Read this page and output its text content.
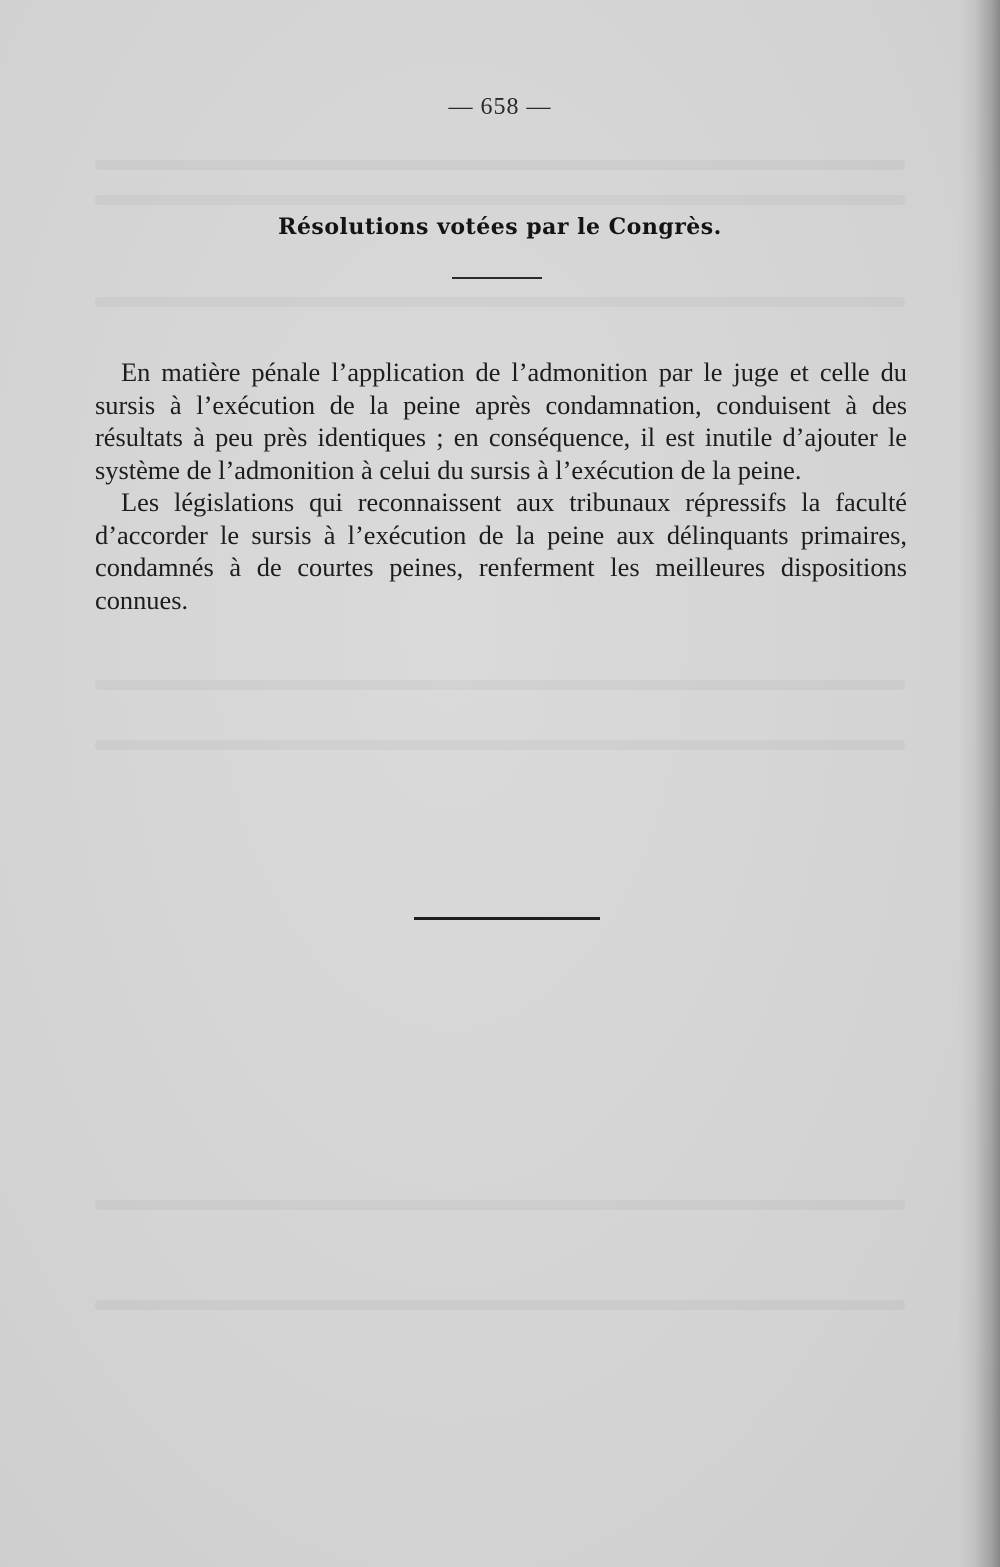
— 658 —
Résolutions votées par le Congrès.

En matière pénale l’application de l’admonition par le juge et celle du sursis à l’exécution de la peine après condamnation, conduisent à des résultats à peu près identiques ; en conséquence, il est inutile d’ajouter le système de l’admonition à celui du sursis à l’exécution de la peine.

Les législations qui reconnaissent aux tribunaux répressifs la faculté d’accorder le sursis à l’exécution de la peine aux délinquants primaires, condamnés à de courtes peines, renferment les meilleures dispositions connues.
